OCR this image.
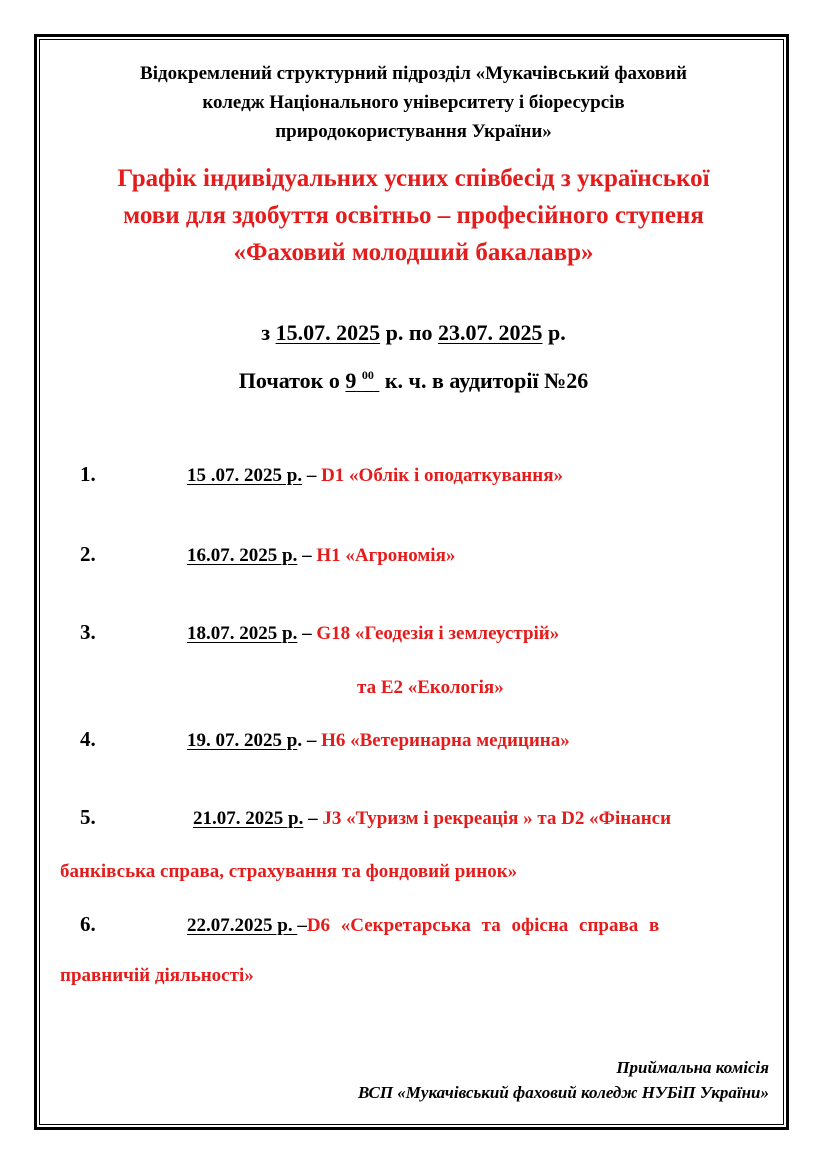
Відокремлений структурний підрозділ «Мукачівський фаховий
коледж Національного університету і біоресурсів
природокористування України»
Графік індивідуальних усних співбесід з української
мови для здобуття освітньо – професійного ступеня
«Фаховий молодший бакалавр»
з 15.07. 2025 р. по 23.07. 2025 р.
Початок о 9 $^{00}$  к. ч. в аудиторії №26
1.	15 .07. 2025 р. – D1 «Облік і оподаткування»
2.	16.07. 2025 р. – H1 «Агрономія»
3.	18.07. 2025 р. – G18 «Геодезія і землеустрій»
та E2 «Екологія»
4.	19. 07. 2025 р. – H6 «Ветеринарна медицина»
5.	21.07. 2025 р. – J3 «Туризм і рекреація » та D2 «Фінанси
банківська справа, страхування та фондовий ринок»
6.	22.07.2025 р. –D6 «Секретарська та офісна справа в
правничій діяльності»
Приймальна комісія
ВСП «Мукачівський фаховий коледж НУБіП України»
